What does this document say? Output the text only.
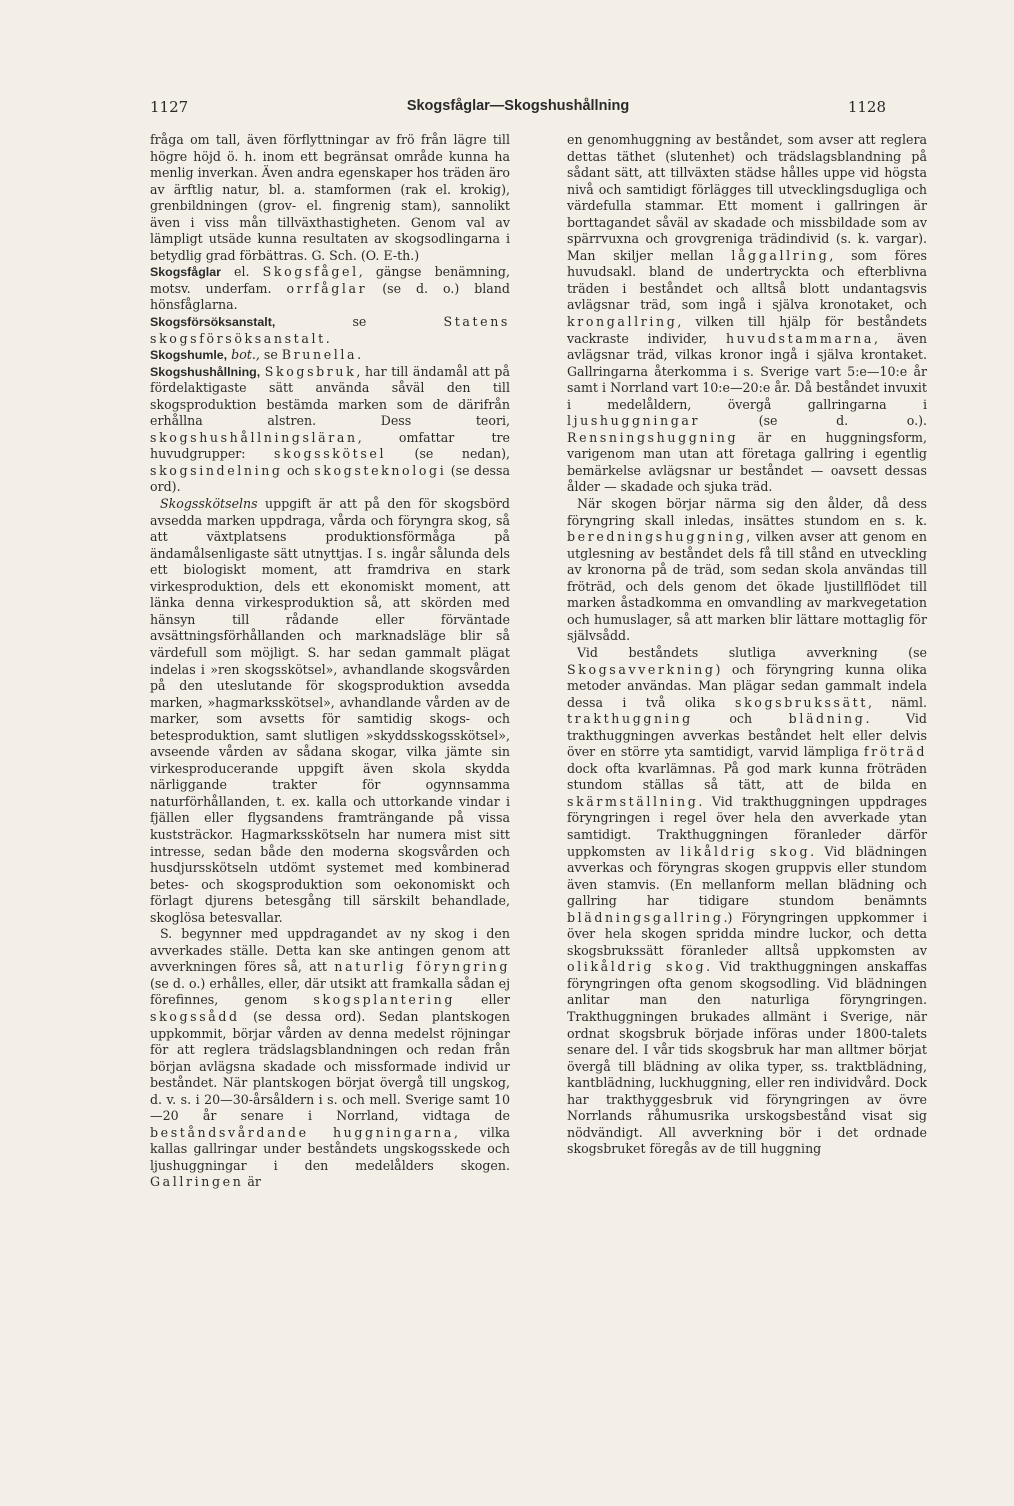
1127	Skogsfåglar—Skogshushållning	1128

fråga om tall, även förflyttningar av frö från lägre till högre höjd ö. h. inom ett begränsat område kunna ha menlig inverkan. Även andra egenskaper hos träden äro av ärftlig natur, bl. a. stamformen (rak el. krokig), grenbildningen (grov- el. fingrenig stam), sannolikt även i viss mån tillväxthastigheten. Genom val av lämpligt utsäde kunna resultaten av skogsodlingarna i betydlig grad förbättras. G. Sch. (O. E-th.)

Skogsfåglar el. Skogsfågel, gängse benämning, motsv. underfam. orrfåglar (se d. o.) bland hönsfåglarna.

Skogsförsöksanstalt, se Statens skogsförsöksanstalt.

Skogshumle, bot., se Brunella.

Skogshushållning, Skogsbruk, har till ändamål att på fördelaktigaste sätt använda såväl den till skogsproduktion bestämda marken som de därifrån erhållna alstren. Dess teori, skogshushållningsläran, omfattar tre huvudgrupper: skogsskötsel (se nedan), skogsindelning och skogsteknologi (se dessa ord).

Skogsskötselns uppgift är att på den för skogsbörd avsedda marken uppdraga, vårda och föryngra skog, så att växtplatsens produktionsförmåga på ändamålsenligaste sätt utnyttjas. I s. ingår sålunda dels ett biologiskt moment, att framdriva en stark virkesproduktion, dels ett ekonomiskt moment, att länka denna virkesproduktion så, att skörden med hänsyn till rådande eller förväntade avsättningsförhållanden och marknadsläge blir så värdefull som möjligt. S. har sedan gammalt plägat indelas i »ren skogsskötsel», avhandlande skogsvården på den uteslutande för skogsproduktion avsedda marken, »hagmarksskötsel», avhandlande vården av de marker, som avsetts för samtidig skogs- och betesproduktion, samt slutligen »skyddsskogsskötsel», avseende vården av sådana skogar, vilka jämte sin virkesproducerande uppgift även skola skydda närliggande trakter för ogynnsamma naturförhållanden, t. ex. kalla och uttorkande vindar i fjällen eller flygsandens framträngande på vissa kuststräckor. Hagmarksskötseln har numera mist sitt intresse, sedan både den moderna skogsvården och husdjursskötseln utdömt systemet med kombinerad betes- och skogsproduktion som oekonomiskt och förlagt djurens betesgång till särskilt behandlade, skoglösa betesvallar.

S. begynner med uppdragandet av ny skog i den avverkades ställe. Detta kan ske antingen genom att avverkningen föres så, att naturlig föryngring (se d. o.) erhålles, eller, där utsikt att framkalla sådan ej förefinnes, genom skogsplantering eller skogssådd (se dessa ord). Sedan plantskogen uppkommit, börjar vården av denna medelst röjningar för att reglera trädslagsblandningen och redan från början avlägsna skadade och missformade individ ur beståndet. När plantskogen börjat övergå till ungskog, d. v. s. i 20—30-årsåldern i s. och mell. Sverige samt 10—20 år senare i Norrland, vidtaga de beståndsvårdande huggningarna, vilka kallas gallringar under beståndets ungskogsskede och ljushuggningar i den medelålders skogen. Gallringen är

en genomhuggning av beståndet, som avser att reglera dettas täthet (slutenhet) och trädslagsblandning på sådant sätt, att tillväxten städse hålles uppe vid högsta nivå och samtidigt förlägges till utvecklingsdugliga och värdefulla stammar. Ett moment i gallringen är borttagandet såväl av skadade och missbildade som av spärrvuxna och grovgreniga trädindivid (s. k. vargar). Man skiljer mellan låggallring, som föres huvudsakl. bland de undertryckta och efterblivna träden i beståndet och alltså blott undantagsvis avlägsnar träd, som ingå i själva kronotaket, och krongallring, vilken till hjälp för beståndets vackraste individer, huvudstammarna, även avlägsnar träd, vilkas kronor ingå i själva krontaket. Gallringarna återkomma i s. Sverige vart 5:e—10:e år samt i Norrland vart 10:e—20:e år. Då beståndet invuxit i medelåldern, övergå gallringarna i ljushuggningar (se d. o.). Rensningshuggning är en huggningsform, varigenom man utan att företaga gallring i egentlig bemärkelse avlägsnar ur beståndet — oavsett dessas ålder — skadade och sjuka träd.

När skogen börjar närma sig den ålder, då dess föryngring skall inledas, insättes stundom en s. k. beredningshuggning, vilken avser att genom en utglesning av beståndet dels få till stånd en utveckling av kronorna på de träd, som sedan skola användas till fröträd, och dels genom det ökade ljustillflödet till marken åstadkomma en omvandling av markvegetation och humuslager, så att marken blir lättare mottaglig för självsådd.

Vid beståndets slutliga avverkning (se Skogsavverkning) och föryngring kunna olika metoder användas. Man plägar sedan gammalt indela dessa i två olika skogsbrukssätt, näml. trakthuggning och blädning. Vid trakthuggningen avverkas beståndet helt eller delvis över en större yta samtidigt, varvid lämpliga fröträd dock ofta kvarlämnas. På god mark kunna fröträden stundom ställas så tätt, att de bilda en skärmställning. Vid trakthuggningen uppdrages föryngringen i regel över hela den avverkade ytan samtidigt. Trakthuggningen föranleder därför uppkomsten av likåldrig skog. Vid blädningen avverkas och föryngras skogen gruppvis eller stundom även stamvis. (En mellanform mellan blädning och gallring har tidigare stundom benämnts blädningsgallring.) Föryngringen uppkommer i över hela skogen spridda mindre luckor, och detta skogsbrukssätt föranleder alltså uppkomsten av olikåldrig skog. Vid trakthuggningen anskaffas föryngringen ofta genom skogsodling. Vid blädningen anlitar man den naturliga föryngringen. Trakthuggningen brukades allmänt i Sverige, när ordnat skogsbruk började införas under 1800-talets senare del. I vår tids skogsbruk har man alltmer börjat övergå till blädning av olika typer, ss. traktblädning, kantblädning, luckhuggning, eller ren individvård. Dock har trakthyggesbruk vid föryngringen av övre Norrlands råhumusrika urskogsbestånd visat sig nödvändigt. All avverkning bör i det ordnade skogsbruket föregås av de till huggning
